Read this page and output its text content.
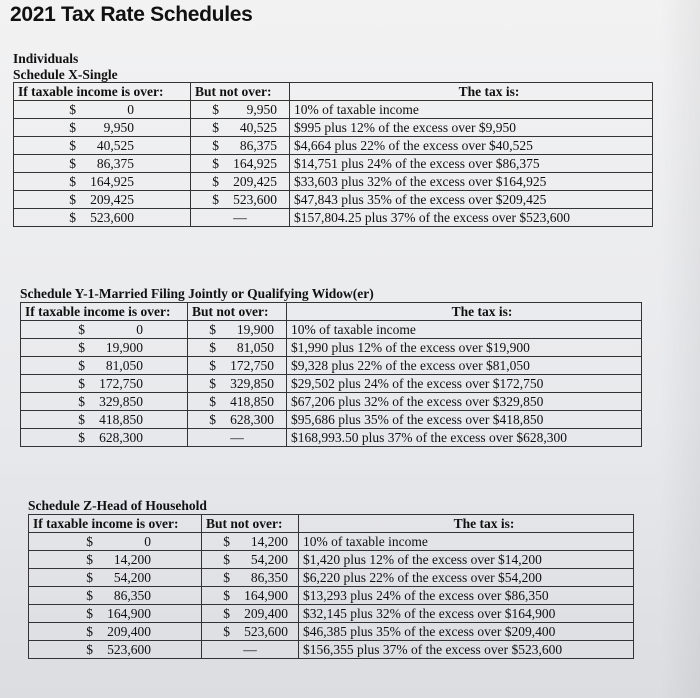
2021 Tax Rate Schedules
Individuals
Schedule X-Single
If taxable income is over:	But not over:	The tax is:
$ 0	$ 9,950	10% of taxable income
$ 9,950	$ 40,525	$995 plus 12% of the excess over $9,950
$ 40,525	$ 86,375	$4,664 plus 22% of the excess over $40,525
$ 86,375	$ 164,925	$14,751 plus 24% of the excess over $86,375
$ 164,925	$ 209,425	$33,603 plus 32% of the excess over $164,925
$ 209,425	$ 523,600	$47,843 plus 35% of the excess over $209,425
$ 523,600	—	$157,804.25 plus 37% of the excess over $523,600
Schedule Y-1-Married Filing Jointly or Qualifying Widow(er)
If taxable income is over:	But not over:	The tax is:
$ 0	$ 19,900	10% of taxable income
$ 19,900	$ 81,050	$1,990 plus 12% of the excess over $19,900
$ 81,050	$ 172,750	$9,328 plus 22% of the excess over $81,050
$ 172,750	$ 329,850	$29,502 plus 24% of the excess over $172,750
$ 329,850	$ 418,850	$67,206 plus 32% of the excess over $329,850
$ 418,850	$ 628,300	$95,686 plus 35% of the excess over $418,850
$ 628,300	—	$168,993.50 plus 37% of the excess over $628,300
Schedule Z-Head of Household
If taxable income is over:	But not over:	The tax is:
$ 0	$ 14,200	10% of taxable income
$ 14,200	$ 54,200	$1,420 plus 12% of the excess over $14,200
$ 54,200	$ 86,350	$6,220 plus 22% of the excess over $54,200
$ 86,350	$ 164,900	$13,293 plus 24% of the excess over $86,350
$ 164,900	$ 209,400	$32,145 plus 32% of the excess over $164,900
$ 209,400	$ 523,600	$46,385 plus 35% of the excess over $209,400
$ 523,600	—	$156,355 plus 37% of the excess over $523,600
